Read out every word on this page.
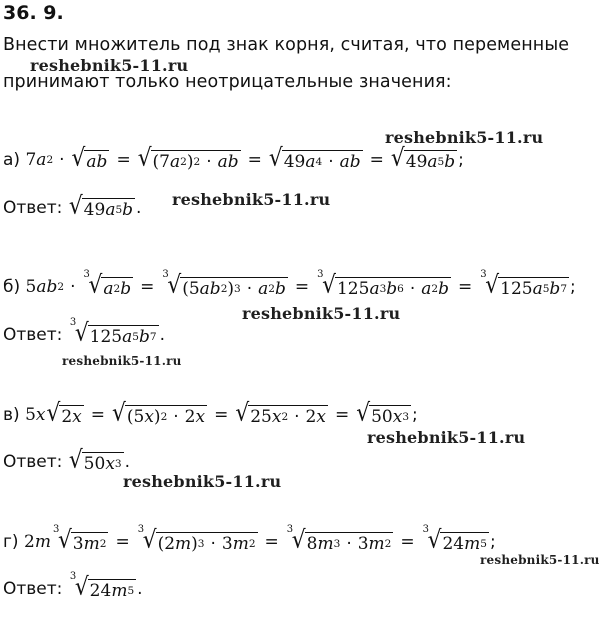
36. 9.
Внести множитель под знак корня, считая, что переменные
принимают только неотрицательные значения:
reshebnik5-11.ru
reshebnik5-11.ru
reshebnik5-11.ru
reshebnik5-11.ru
reshebnik5-11.ru
reshebnik5-11.ru
reshebnik5-11.ru
reshebnik5-11.ru
а)
7 a 2 · √ ab = √ (7 a 2 ) 2 · ab = √ 49 a 4 · ab = √ 49 a 5 b ;
Ответ:
√ 49 a 5 b .
б)
5 ab 2 ·
3
√ a 2 b =
3
√ (5 ab 2 ) 3 · a 2 b =
3
√ 125 a 3 b 6 · a 2 b =
3
√ 125 a 5 b 7 ;
Ответ:

3
√ 125 a 5 b 7 .
в)
5 x √ 2 x = √ (5 x ) 2 · 2 x = √ 25 x 2 · 2 x = √ 50 x 3 ;
Ответ:
√ 50 x 3 .
г)
2 m
3
√ 3 m 2 =
3
√ (2 m ) 3 · 3 m 2 =
3
√ 8 m 3 · 3 m 2 =
3
√ 24 m 5 ;
Ответ:

3
√ 24 m 5 .
